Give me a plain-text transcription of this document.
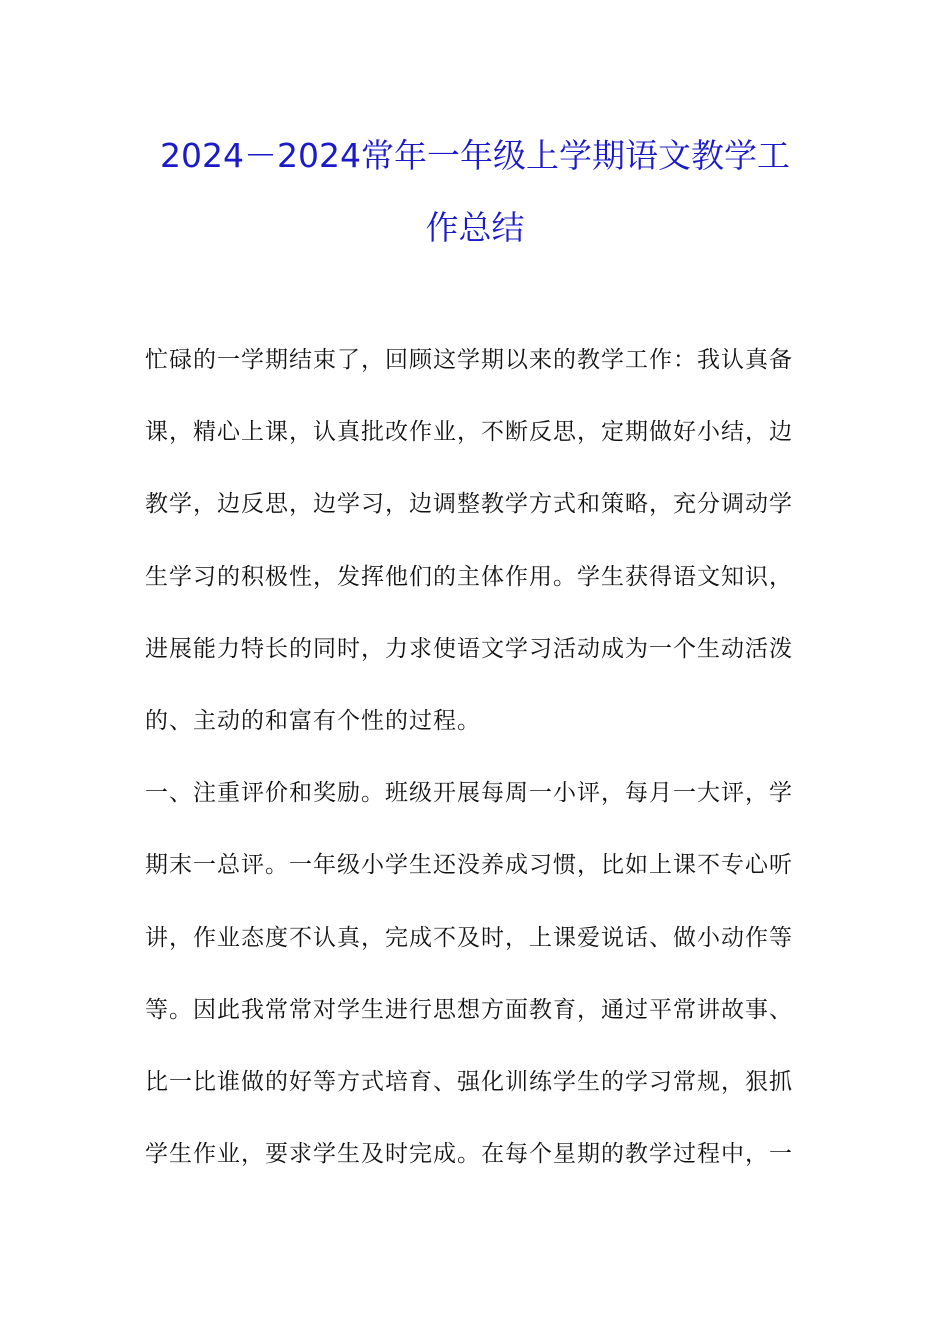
2024－2024常年一年级上学期语文教学工
作总结
忙碌的一学期结束了，回顾这学期以来的教学工作：我认真备
课，精心上课，认真批改作业，不断反思，定期做好小结，边
教学，边反思，边学习，边调整教学方式和策略，充分调动学
生学习的积极性，发挥他们的主体作用。学生获得语文知识，
进展能力特长的同时，力求使语文学习活动成为一个生动活泼
的、主动的和富有个性的过程。
一、注重评价和奖励。班级开展每周一小评，每月一大评，学
期末一总评。一年级小学生还没养成习惯，比如上课不专心听
讲，作业态度不认真，完成不及时，上课爱说话、做小动作等
等。因此我常常对学生进行思想方面教育，通过平常讲故事、
比一比谁做的好等方式培育、强化训练学生的学习常规，狠抓
学生作业，要求学生及时完成。在每个星期的教学过程中，一
